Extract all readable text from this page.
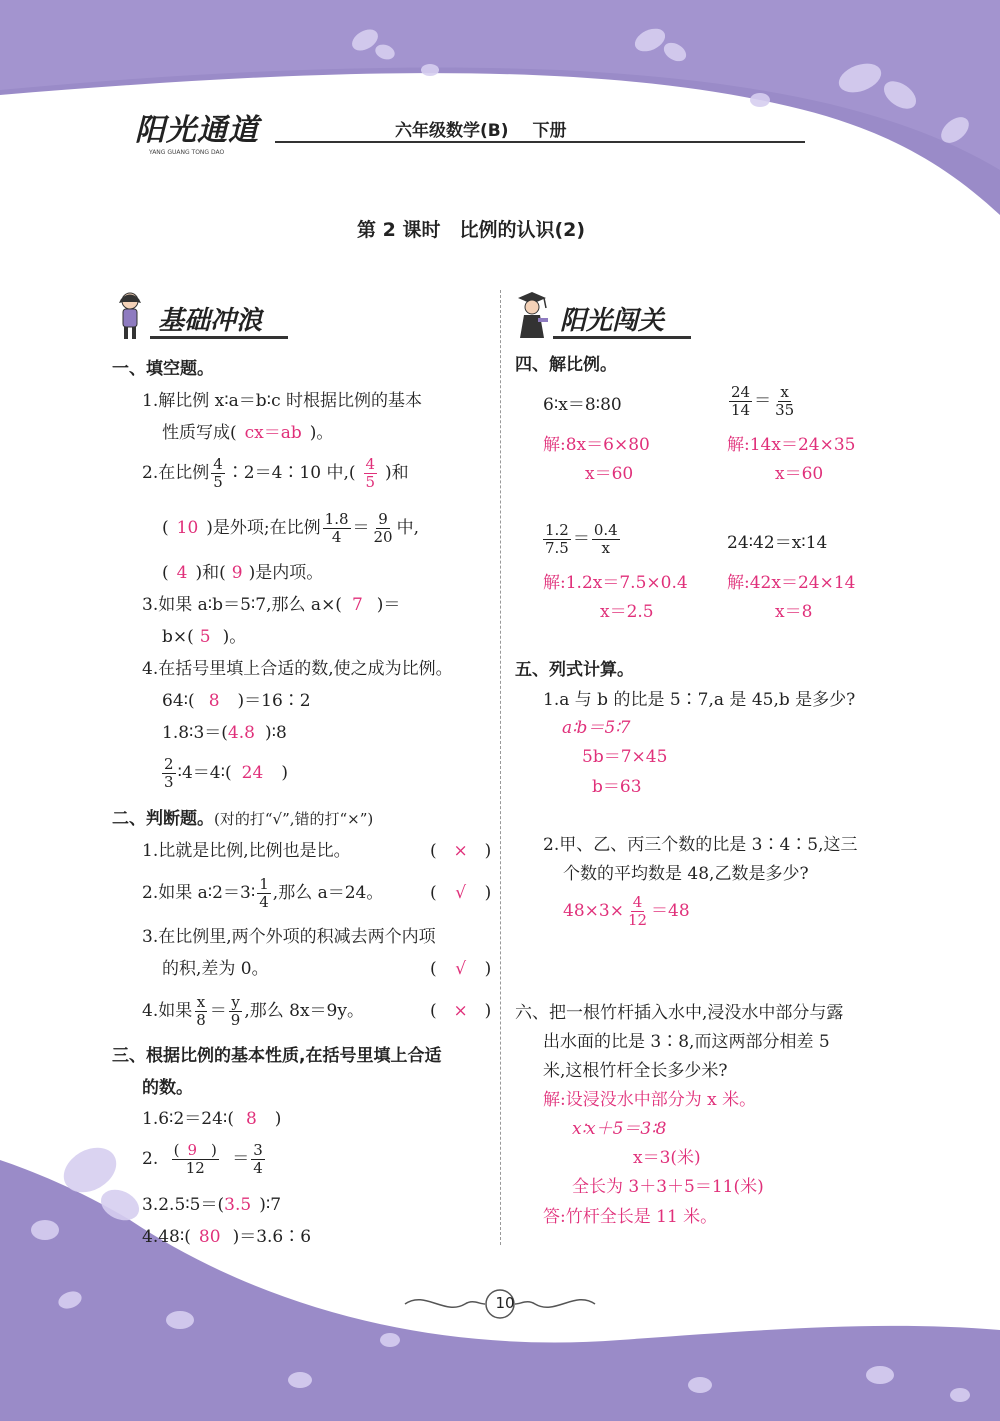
阳光通道
YANG GUANG TONG DAO
六年级数学(B) 下册
第 2 课时　比例的认识(2)
基础冲浪
一、填空题。
1.解比例 x∶a＝b∶c 时根据比例的基本
性质写成( cx＝ab )。
2.在比例 $\frac{4}{5}$ ∶2＝4∶10 中,( $\frac{4}{5}$ )和
( 10 )是外项;在比例 $\frac{1.8}{4} = \frac{9}{20}$ 中,
( 4 )和( 9 )是内项。
3.如果 a∶b＝5∶7,那么 a×( 7 )＝
b×( 5 )。
4.在括号里填上合适的数,使之成为比例。
64∶( 8 )＝16∶2
1.8∶3＝(4.8 )∶8
$\frac{2}{3}$ ∶4＝4∶( 24 )
二、判断题。(对的打“√”,错的打“×”)
1.比就是比例,比例也是比。	( × )
2.如果 a∶2＝3∶ $\frac{1}{4}$ ,那么 a＝24。	( √ )
3.在比例里,两个外项的积减去两个内项
的积,差为 0。	( √ )
4.如果 $\frac{x}{8} = \frac{y}{9}$ ,那么 8x＝9y。	( × )
三、根据比例的基本性质,在括号里填上合适
的数。
1.6∶2＝24∶( 8 )
2. $\frac{( 9 )}{12} = \frac{3}{4}$
3.2.5∶5＝(3.5 )∶7
4.48∶( 80 )＝3.6∶6
阳光闯关
四、解比例。
6∶x＝8∶80
解:8x＝6×80
x＝60
$\frac{24}{14} = \frac{x}{35}$
解:14x＝24×35
x＝60
$\frac{1.2}{7.5} = \frac{0.4}{x}$
解:1.2x＝7.5×0.4
x＝2.5
24∶42＝x∶14
解:42x＝24×14
x＝8
五、列式计算。
1.a 与 b 的比是 5∶7,a 是 45,b 是多少?
a∶b＝5∶7
5b＝7×45
b＝63
2.甲、乙、丙三个数的比是 3∶4∶5,这三
个数的平均数是 48,乙数是多少?
$48\times 3\times \frac{4}{12} =48$
六、把一根竹杆插入水中,浸没水中部分与露
出水面的比是 3∶8,而这两部分相差 5
米,这根竹杆全长多少米?
解:设浸没水中部分为 x 米。
x∶x＋5＝3∶8
x＝3(米)
全长为 3＋3＋5＝11(米)
答:竹杆全长是 11 米。
10
